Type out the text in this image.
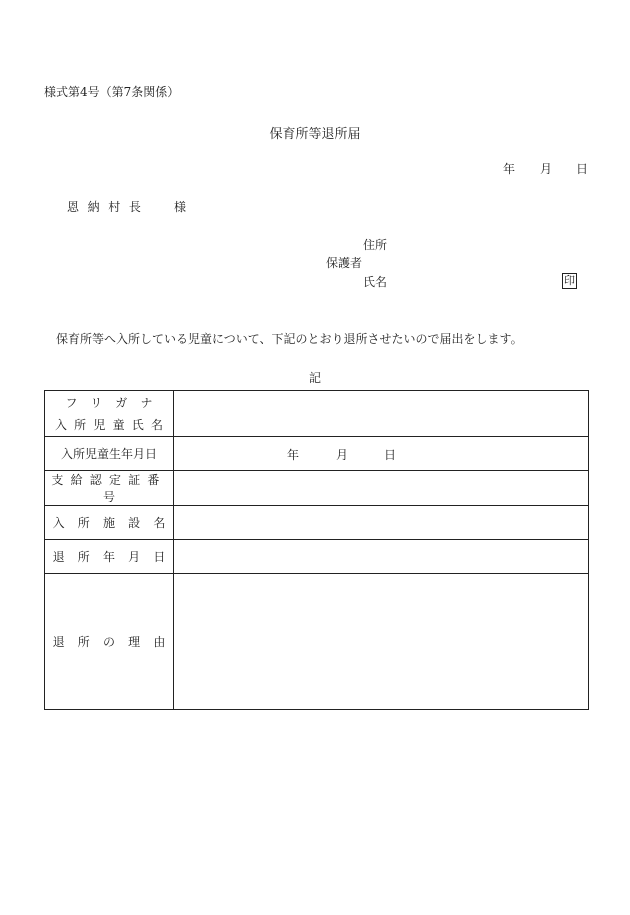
様式第4号（第7条関係）
保育所等退所届
年 月 日
恩 納 村 長	様
住所
保護者
氏名	印
保育所等へ入所している児童について、下記のとおり退所させたいので届出をします。
記
フリガナ
入所児童氏名	

入所児童生年月日	年 月 日

支給認定証番号	
入所施設名	
退所年月日	
退所の理由	
